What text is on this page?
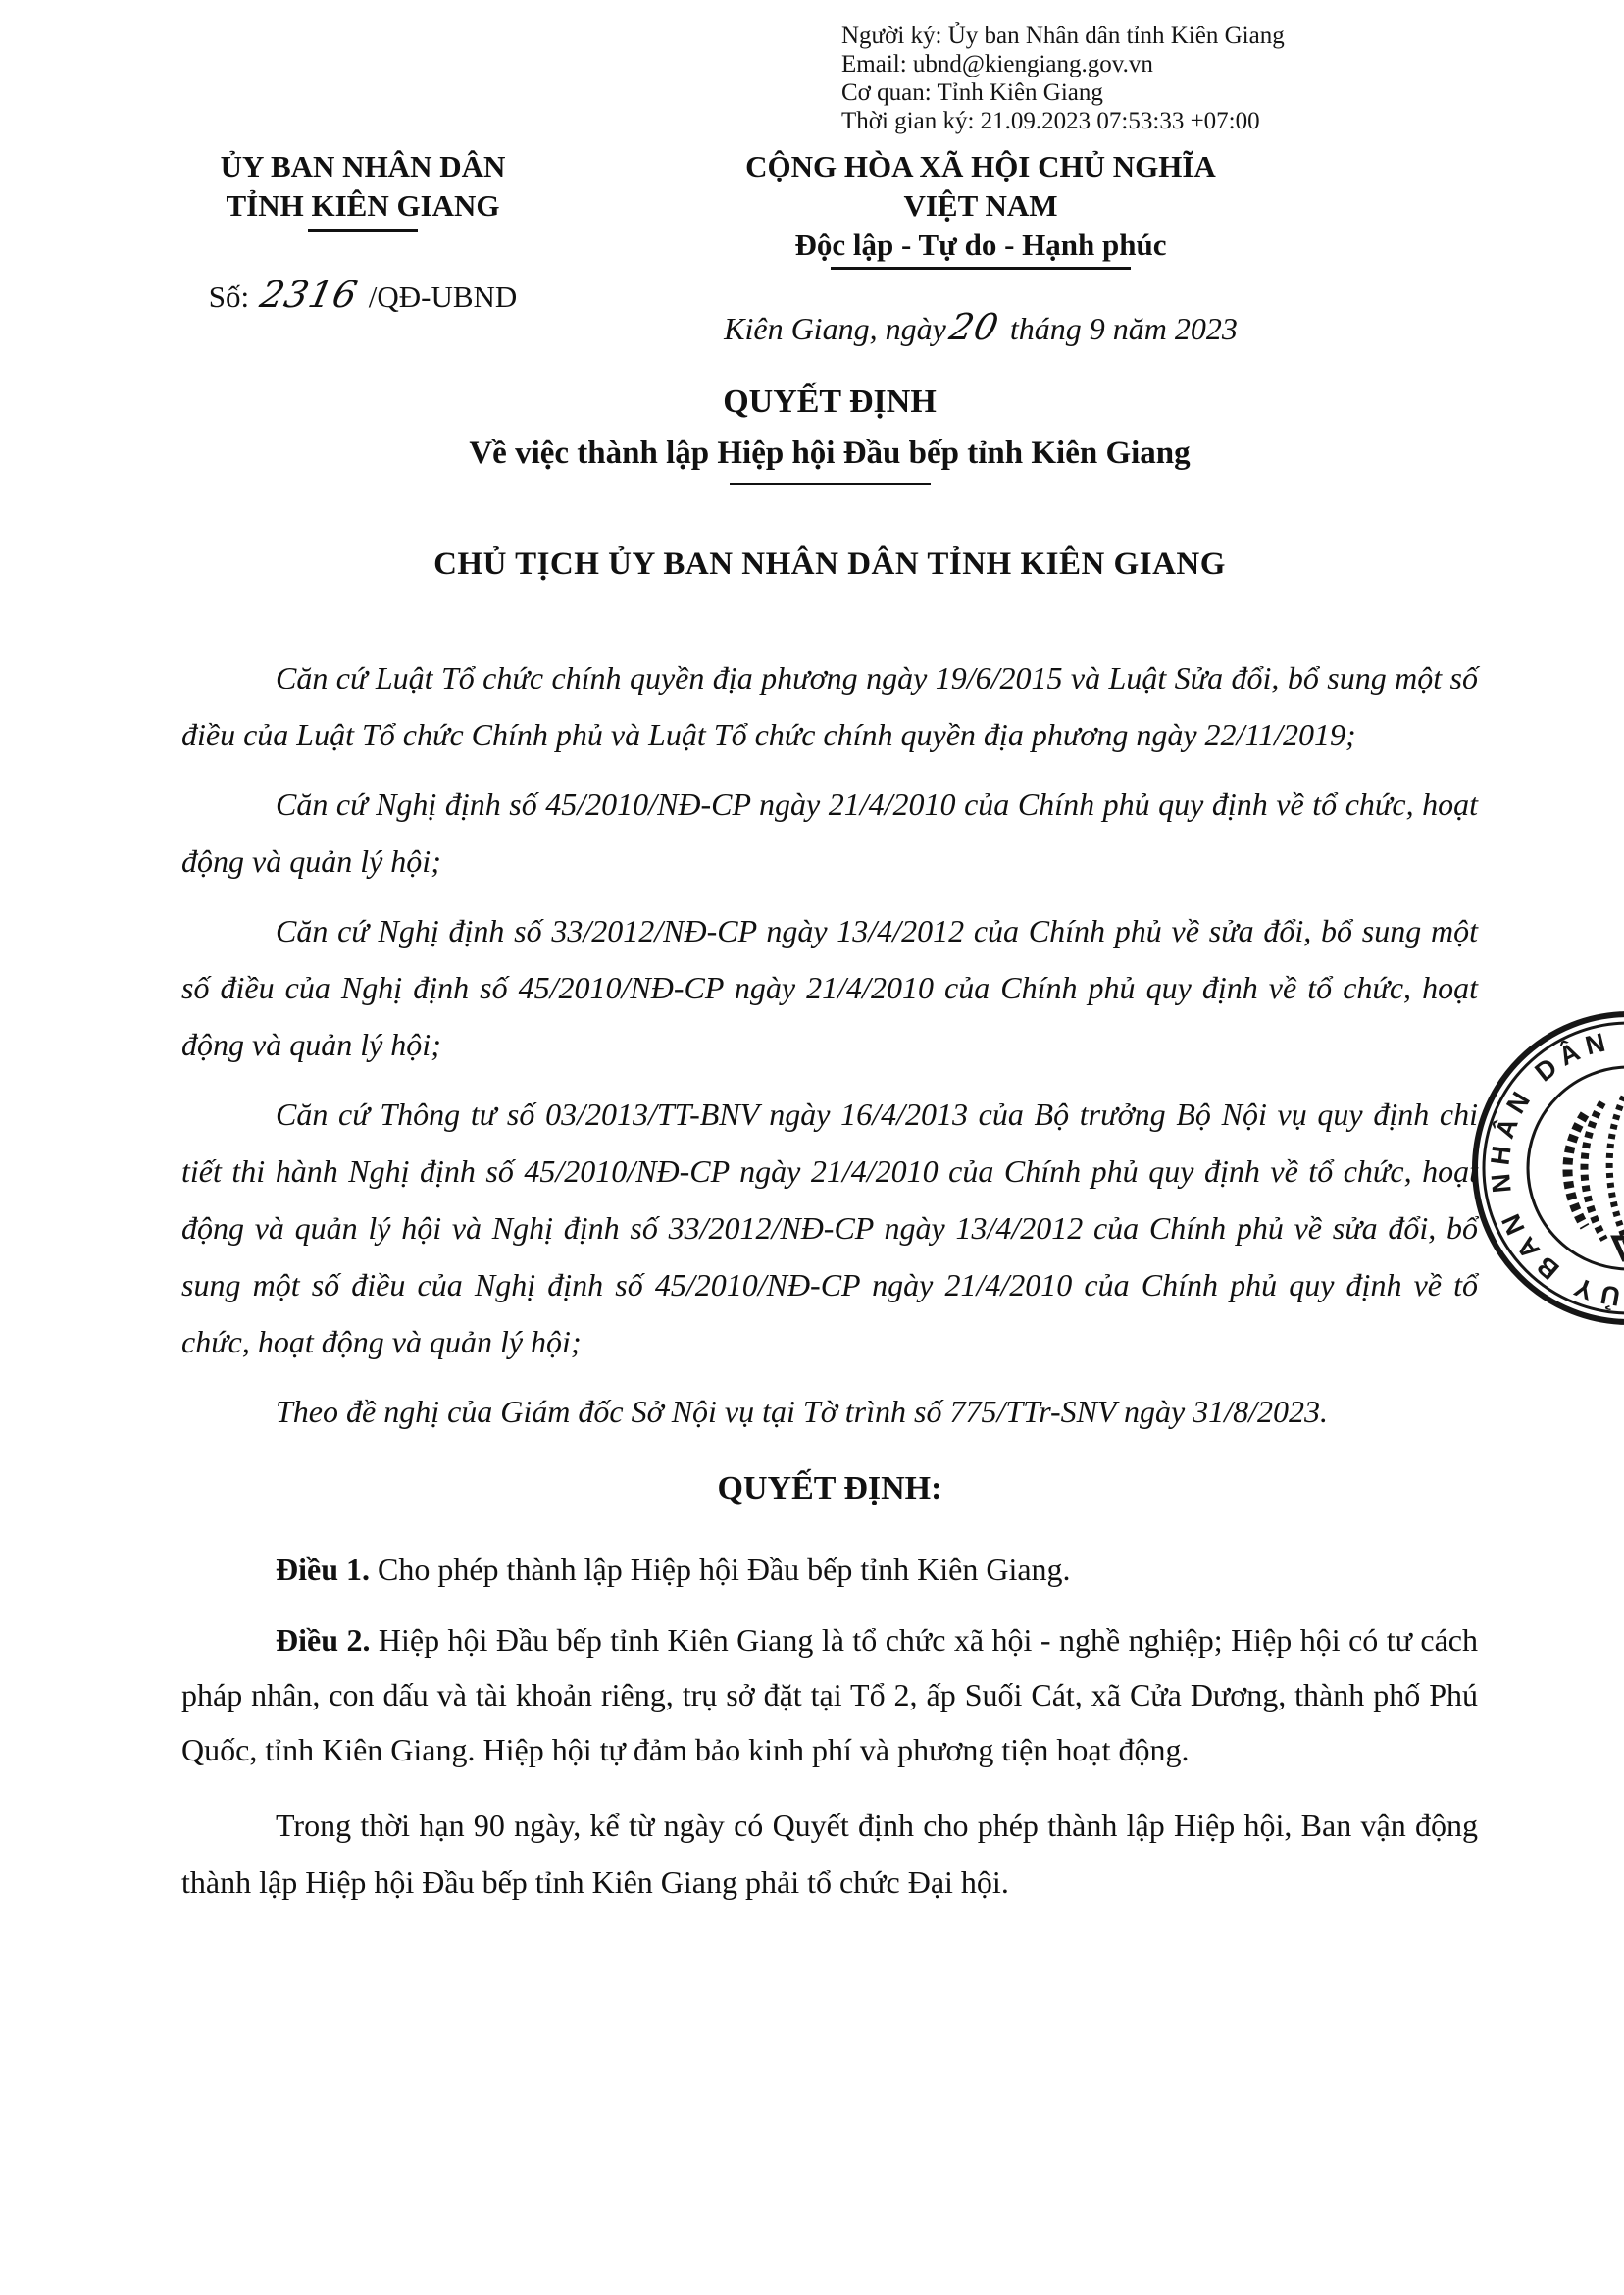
Người ký: Ủy ban Nhân dân tỉnh Kiên Giang
Email: ubnd@kiengiang.gov.vn
Cơ quan: Tỉnh Kiên Giang
Thời gian ký: 21.09.2023 07:53:33 +07:00
ỦY BAN NHÂN DÂN
TỈNH KIÊN GIANG
Số: 2316 /QĐ-UBND
CỘNG HÒA XÃ HỘI CHỦ NGHĨA VIỆT NAM
Độc lập - Tự do - Hạnh phúc
Kiên Giang, ngày20 tháng 9 năm 2023
QUYẾT ĐỊNH
Về việc thành lập Hiệp hội Đầu bếp tỉnh Kiên Giang
CHỦ TỊCH ỦY BAN NHÂN DÂN TỈNH KIÊN GIANG

Căn cứ Luật Tổ chức chính quyền địa phương ngày 19/6/2015 và Luật Sửa đổi, bổ sung một số điều của Luật Tổ chức Chính phủ và Luật Tổ chức chính quyền địa phương ngày 22/11/2019;

Căn cứ Nghị định số 45/2010/NĐ-CP ngày 21/4/2010 của Chính phủ quy định về tổ chức, hoạt động và quản lý hội;

Căn cứ Nghị định số 33/2012/NĐ-CP ngày 13/4/2012 của Chính phủ về sửa đổi, bổ sung một số điều của Nghị định số 45/2010/NĐ-CP ngày 21/4/2010 của Chính phủ quy định về tổ chức, hoạt động và quản lý hội;

Căn cứ Thông tư số 03/2013/TT-BNV ngày 16/4/2013 của Bộ trưởng Bộ Nội vụ quy định chi tiết thi hành Nghị định số 45/2010/NĐ-CP ngày 21/4/2010 của Chính phủ quy định về tổ chức, hoạt động và quản lý hội và Nghị định số 33/2012/NĐ-CP ngày 13/4/2012 của Chính phủ về sửa đổi, bổ sung một số điều của Nghị định số 45/2010/NĐ-CP ngày 21/4/2010 của Chính phủ quy định về tổ chức, hoạt động và quản lý hội;

Theo đề nghị của Giám đốc Sở Nội vụ tại Tờ trình số 775/TTr-SNV ngày 31/8/2023.

QUYẾT ĐỊNH:

Điều 1. Cho phép thành lập Hiệp hội Đầu bếp tỉnh Kiên Giang.

Điều 2. Hiệp hội Đầu bếp tỉnh Kiên Giang là tổ chức xã hội - nghề nghiệp; Hiệp hội có tư cách pháp nhân, con dấu và tài khoản riêng, trụ sở đặt tại Tổ 2, ấp Suối Cát, xã Cửa Dương, thành phố Phú Quốc, tỉnh Kiên Giang. Hiệp hội tự đảm bảo kinh phí và phương tiện hoạt động.

Trong thời hạn 90 ngày, kể từ ngày có Quyết định cho phép thành lập Hiệp hội, Ban vận động thành lập Hiệp hội Đầu bếp tỉnh Kiên Giang phải tổ chức Đại hội.

ỦY BAN NHÂN DÂN
